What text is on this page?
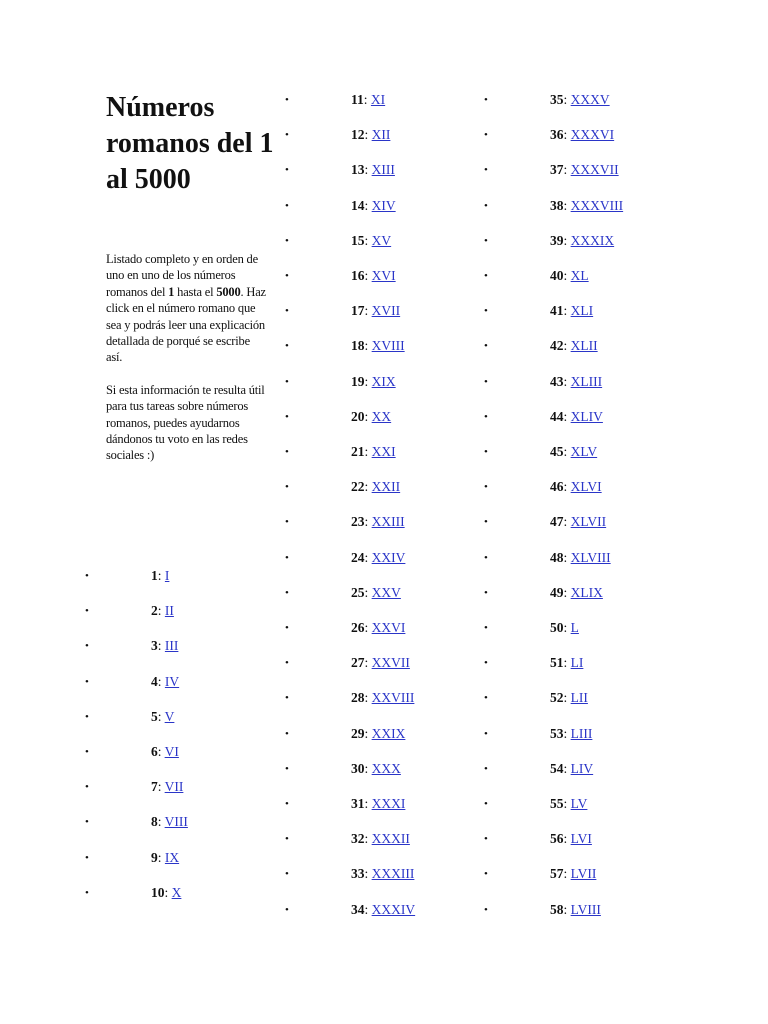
Números romanos del 1 al 5000

Listado completo y en orden de uno en uno de los números romanos del 1 hasta el 5000. Haz click en el número romano que sea y podrás leer una explicación detallada de porqué se escribe así.

Si esta información te resulta útil para tus tareas sobre números romanos, puedes ayudarnos dándonos tu voto en las redes sociales :)

•	1: I
•	2: II
•	3: III
•	4: IV
•	5: V
•	6: VI
•	7: VII
•	8: VIII
•	9: IX
•	10: X
•	11: XI
•	12: XII
•	13: XIII
•	14: XIV
•	15: XV
•	16: XVI
•	17: XVII
•	18: XVIII
•	19: XIX
•	20: XX
•	21: XXI
•	22: XXII
•	23: XXIII
•	24: XXIV
•	25: XXV
•	26: XXVI
•	27: XXVII
•	28: XXVIII
•	29: XXIX
•	30: XXX
•	31: XXXI
•	32: XXXII
•	33: XXXIII
•	34: XXXIV
•	35: XXXV
•	36: XXXVI
•	37: XXXVII
•	38: XXXVIII
•	39: XXXIX
•	40: XL
•	41: XLI
•	42: XLII
•	43: XLIII
•	44: XLIV
•	45: XLV
•	46: XLVI
•	47: XLVII
•	48: XLVIII
•	49: XLIX
•	50: L
•	51: LI
•	52: LII
•	53: LIII
•	54: LIV
•	55: LV
•	56: LVI
•	57: LVII
•	58: LVIII
